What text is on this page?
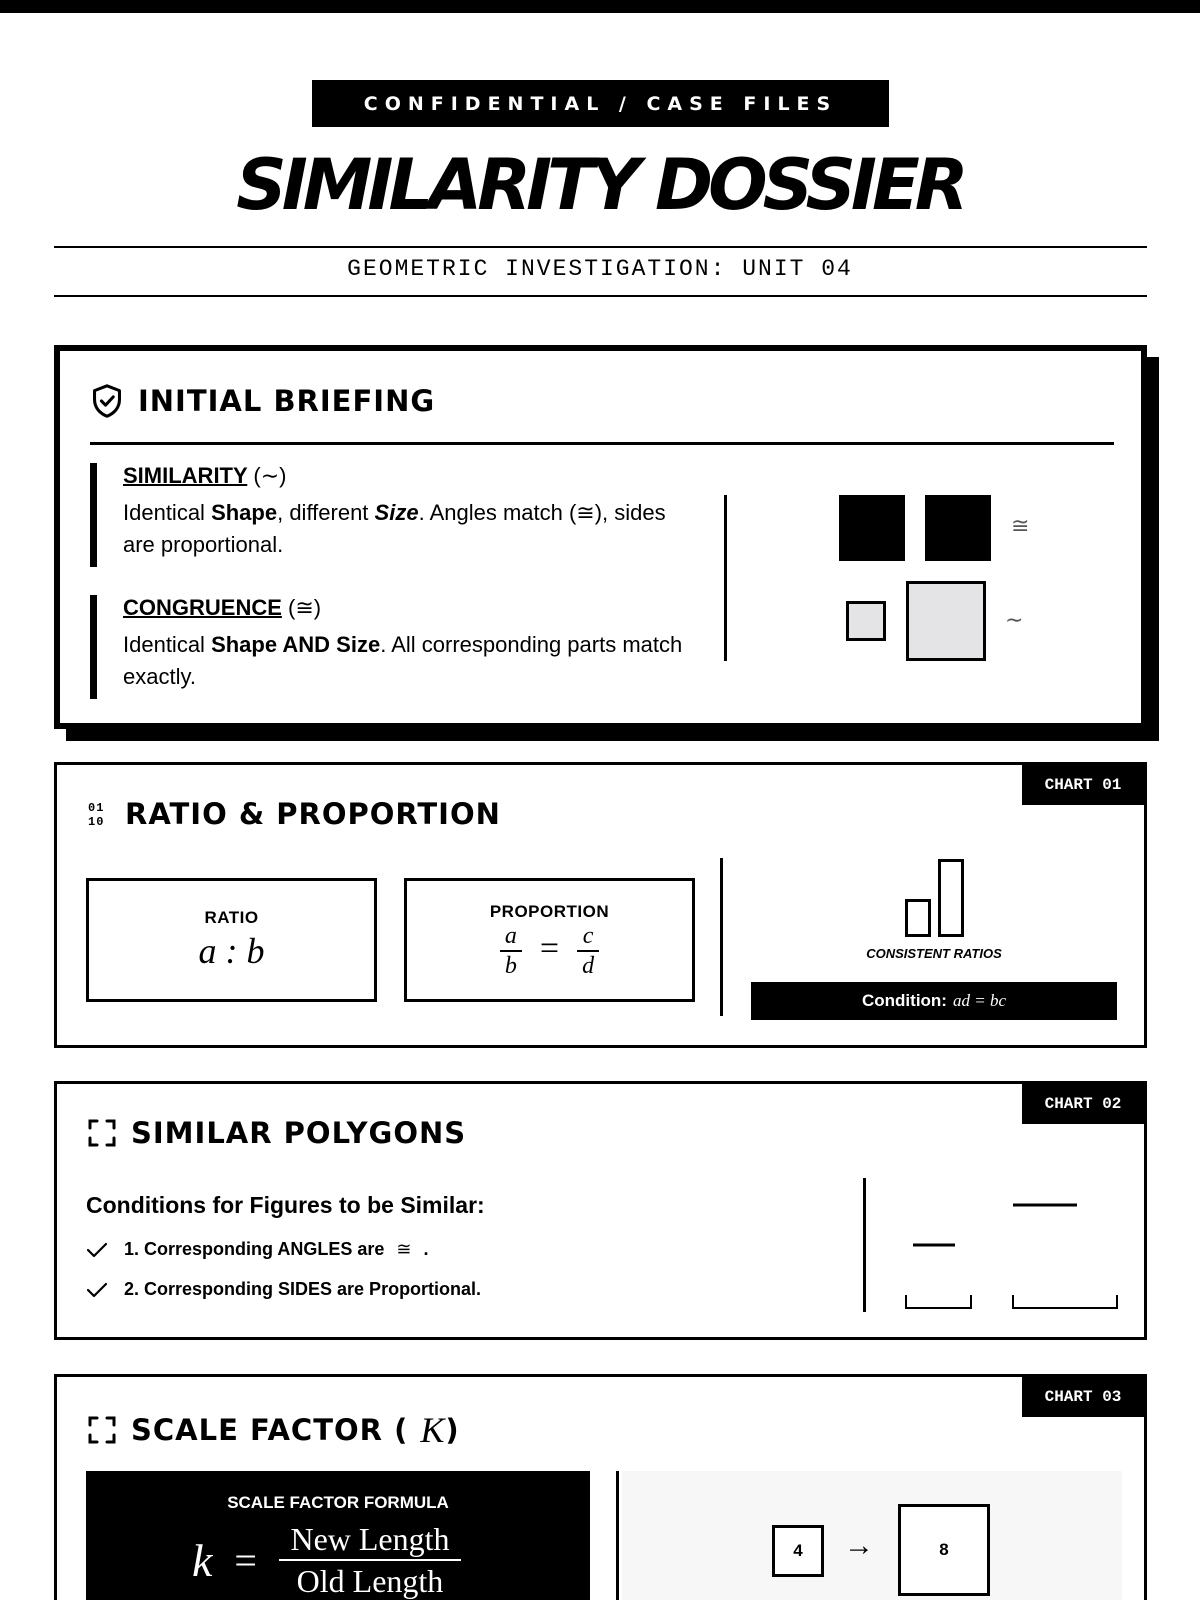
CONFIDENTIAL / CASE FILES
SIMILARITY DOSSIER
GEOMETRIC INVESTIGATION: UNIT 04
INITIAL BRIEFING
SIMILARITY (∼)
Identical Shape, different Size. Angles match (≅), sides are proportional.
CONGRUENCE (≅)
Identical Shape AND Size. All corresponding parts match exactly.
≅
∼
CHART 01
01
10 RATIO & PROPORTION
RATIO
a : b
PROPORTION
$\frac{a}{b} = \frac{c}{d}$	CONSISTENT RATIOS
Condition: ad = bc
CHART 02
SIMILAR POLYGONS
Conditions for Figures to be Similar:
1. Corresponding ANGLES are ≅ .
2. Corresponding SIDES are Proportional.
CHART 03
SCALE FACTOR ( K )
SCALE FACTOR FORMULA
k = New Length
Old Length
4	→	8
